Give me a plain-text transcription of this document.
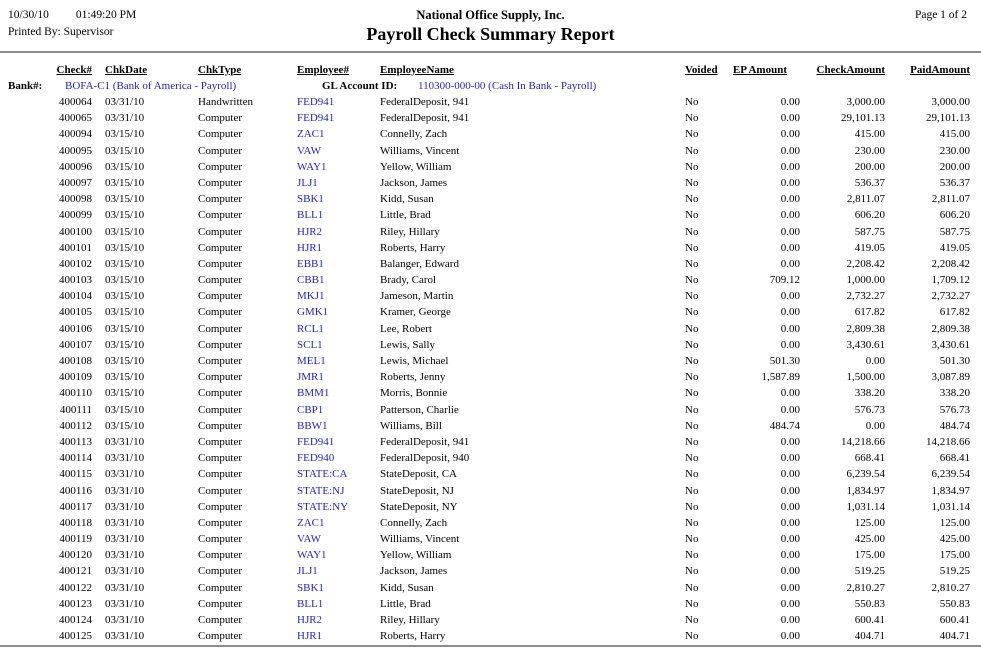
10/30/10 01:49:20 PM
Printed By: Supervisor
National Office Supply, Inc.
Payroll Check Summary Report
Page 1 of 2
Check#	ChkDate	ChkType	Employee#	EmployeeName	Voided	EP Amount	CheckAmount	PaidAmount
Bank#: BOFA-C1 (Bank of America - Payroll)	GL Account ID: 110300-000-00 (Cash In Bank - Payroll)
400064	03/31/10	Handwritten	FED941	FederalDeposit, 941	No	0.00	3,000.00	3,000.00
400065	03/31/10	Computer	FED941	FederalDeposit, 941	No	0.00	29,101.13	29,101.13
400094	03/15/10	Computer	ZAC1	Connelly, Zach	No	0.00	415.00	415.00
400095	03/15/10	Computer	VAW	Williams, Vincent	No	0.00	230.00	230.00
400096	03/15/10	Computer	WAY1	Yellow, William	No	0.00	200.00	200.00
400097	03/15/10	Computer	JLJ1	Jackson, James	No	0.00	536.37	536.37
400098	03/15/10	Computer	SBK1	Kidd, Susan	No	0.00	2,811.07	2,811.07
400099	03/15/10	Computer	BLL1	Little, Brad	No	0.00	606.20	606.20
400100	03/15/10	Computer	HJR2	Riley, Hillary	No	0.00	587.75	587.75
400101	03/15/10	Computer	HJR1	Roberts, Harry	No	0.00	419.05	419.05
400102	03/15/10	Computer	EBB1	Balanger, Edward	No	0.00	2,208.42	2,208.42
400103	03/15/10	Computer	CBB1	Brady, Carol	No	709.12	1,000.00	1,709.12
400104	03/15/10	Computer	MKJ1	Jameson, Martin	No	0.00	2,732.27	2,732.27
400105	03/15/10	Computer	GMK1	Kramer, George	No	0.00	617.82	617.82
400106	03/15/10	Computer	RCL1	Lee, Robert	No	0.00	2,809.38	2,809.38
400107	03/15/10	Computer	SCL1	Lewis, Sally	No	0.00	3,430.61	3,430.61
400108	03/15/10	Computer	MEL1	Lewis, Michael	No	501.30	0.00	501.30
400109	03/15/10	Computer	JMR1	Roberts, Jenny	No	1,587.89	1,500.00	3,087.89
400110	03/15/10	Computer	BMM1	Morris, Bonnie	No	0.00	338.20	338.20
400111	03/15/10	Computer	CBP1	Patterson, Charlie	No	0.00	576.73	576.73
400112	03/15/10	Computer	BBW1	Williams, Bill	No	484.74	0.00	484.74
400113	03/31/10	Computer	FED941	FederalDeposit, 941	No	0.00	14,218.66	14,218.66
400114	03/31/10	Computer	FED940	FederalDeposit, 940	No	0.00	668.41	668.41
400115	03/31/10	Computer	STATE:CA	StateDeposit, CA	No	0.00	6,239.54	6,239.54
400116	03/31/10	Computer	STATE:NJ	StateDeposit, NJ	No	0.00	1,834.97	1,834.97
400117	03/31/10	Computer	STATE:NY	StateDeposit, NY	No	0.00	1,031.14	1,031.14
400118	03/31/10	Computer	ZAC1	Connelly, Zach	No	0.00	125.00	125.00
400119	03/31/10	Computer	VAW	Williams, Vincent	No	0.00	425.00	425.00
400120	03/31/10	Computer	WAY1	Yellow, William	No	0.00	175.00	175.00
400121	03/31/10	Computer	JLJ1	Jackson, James	No	0.00	519.25	519.25
400122	03/31/10	Computer	SBK1	Kidd, Susan	No	0.00	2,810.27	2,810.27
400123	03/31/10	Computer	BLL1	Little, Brad	No	0.00	550.83	550.83
400124	03/31/10	Computer	HJR2	Riley, Hillary	No	0.00	600.41	600.41
400125	03/31/10	Computer	HJR1	Roberts, Harry	No	0.00	404.71	404.71
